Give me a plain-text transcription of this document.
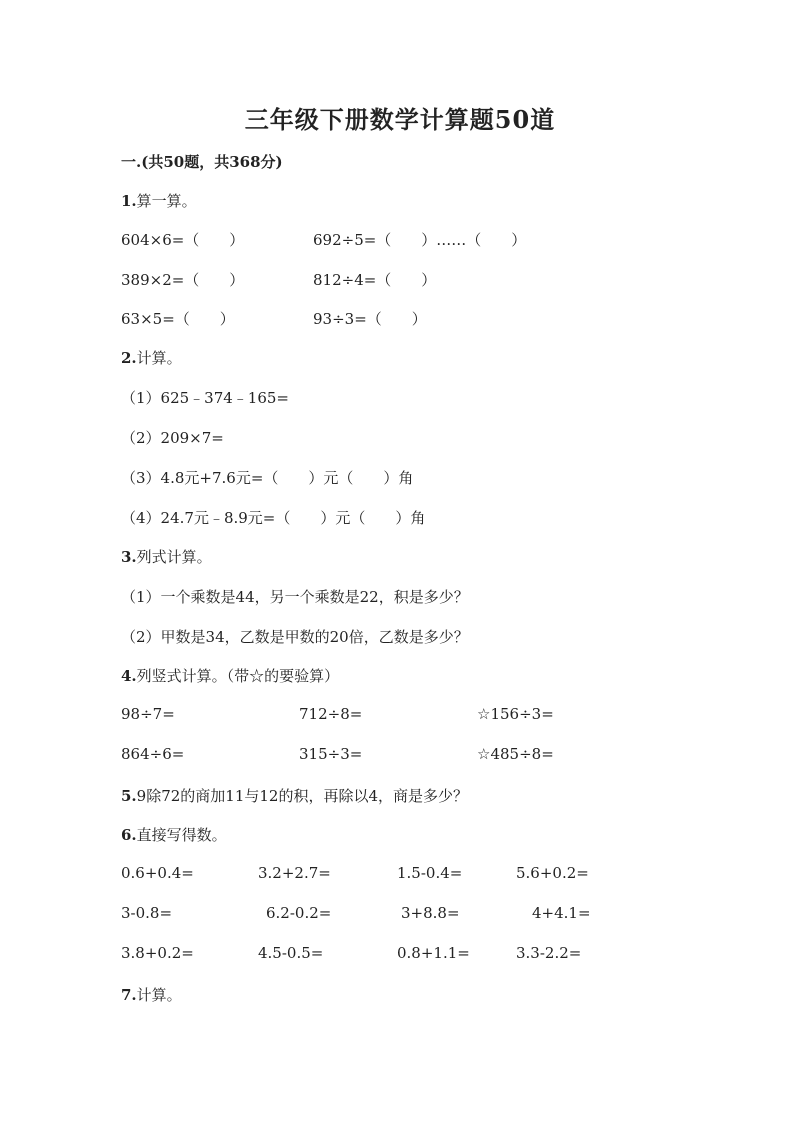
三年级下册数学计算题50道
一.(共50题，共368分)
1.算一算。
604×6=（　　）	692÷5=（　　）……（　　）
389×2=（　　）	812÷4=（　　）
63×5=（　　）	93÷3=（　　）
2.计算。
（1）625﹣374﹣165=
（2）209×7=
（3）4.8元+7.6元=（　　）元（　　）角
（4）24.7元﹣8.9元=（　　）元（　　）角
3.列式计算。
（1）一个乘数是44，另一个乘数是22，积是多少？
（2）甲数是34，乙数是甲数的20倍，乙数是多少？
4.列竖式计算。（带☆的要验算）
98÷7=	712÷8=	☆156÷3=
864÷6=	315÷3=	☆485÷8=
5.9除72的商加11与12的积，再除以4，商是多少？
6.直接写得数。
0.6+0.4=	3.2+2.7=	1.5-0.4=	5.6+0.2=
3-0.8=	6.2-0.2=	3+8.8=	4+4.1=
3.8+0.2=	4.5-0.5=	0.8+1.1=	3.3-2.2=
7.计算。
